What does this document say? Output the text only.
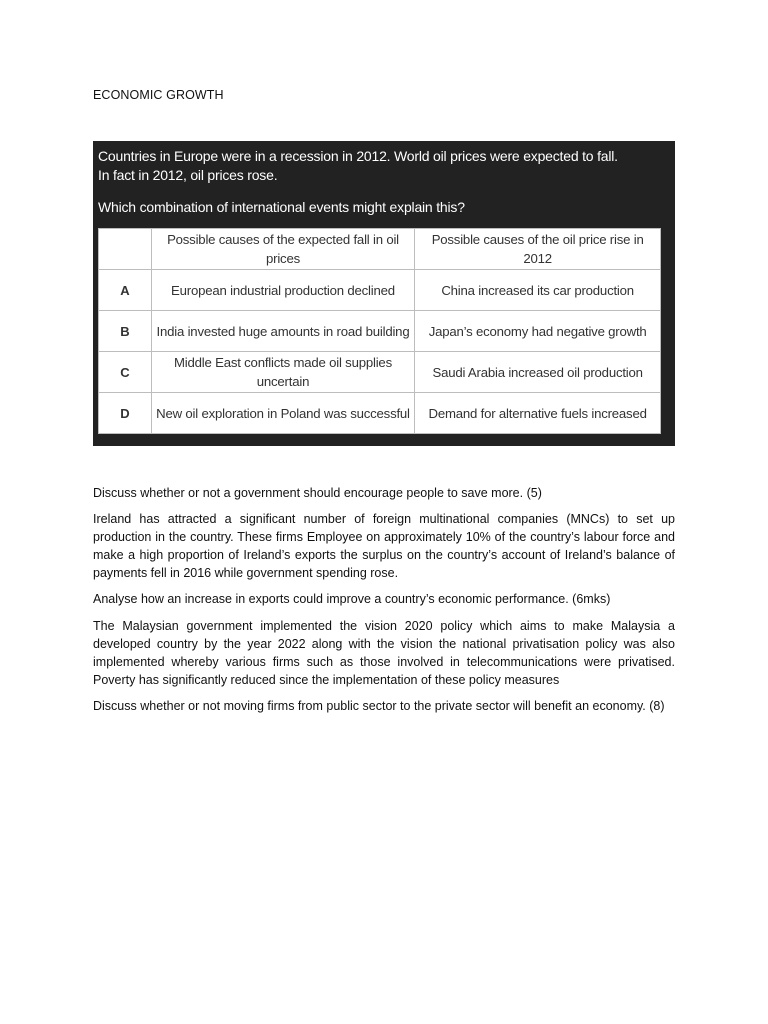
ECONOMIC GROWTH
Countries in Europe were in a recession in 2012. World oil prices were expected to fall.
In fact in 2012, oil prices rose.
Which combination of international events might explain this?
	Possible causes of the expected fall in oil prices	Possible causes of the oil price rise in 2012
A	European industrial production declined	China increased its car production
B	India invested huge amounts in road building	Japan’s economy had negative growth
C	Middle East conflicts made oil supplies uncertain	Saudi Arabia increased oil production
D	New oil exploration in Poland was successful	Demand for alternative fuels increased

Discuss whether or not a government should encourage people to save more. (5)

Ireland has attracted a significant number of foreign multinational companies (MNCs) to set up production in the country. These firms Employee on approximately 10% of the country’s labour force and make a high proportion of Ireland’s exports the surplus on the country’s account of Ireland’s balance of payments fell in 2016 while government spending rose.

Analyse how an increase in exports could improve a country’s economic performance. (6mks)

The Malaysian government implemented the vision 2020 policy which aims to make Malaysia a developed country by the year 2022 along with the vision the national privatisation policy was also implemented whereby various firms such as those involved in telecommunications were privatised. Poverty has significantly reduced since the implementation of these policy measures

Discuss whether or not moving firms from public sector to the private sector will benefit an economy. (8)
